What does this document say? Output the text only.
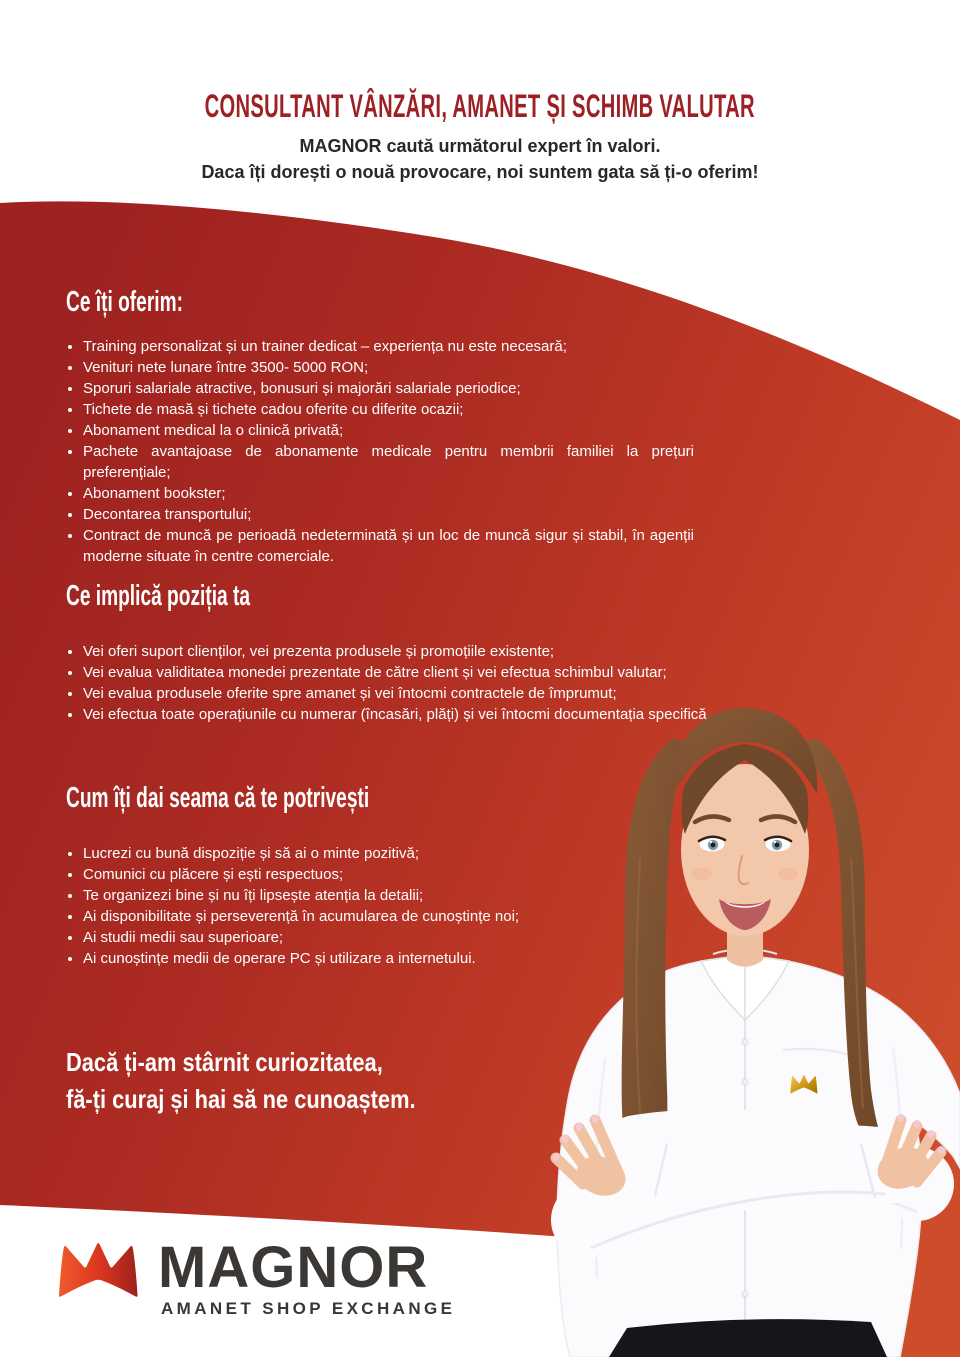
CONSULTANT VÂNZĂRI, AMANET ȘI SCHIMB VALUTAR

MAGNOR caută următorul expert în valori.

Daca îți dorești o nouă provocare, noi suntem gata să ți-o oferim!

Ce îți oferim:
Training personalizat și un trainer dedicat – experiența nu este necesară;
Venituri nete lunare între 3500- 5000 RON;
Sporuri salariale atractive, bonusuri și majorări salariale periodice;
Tichete de masă și tichete cadou oferite cu diferite ocazii;
Abonament medical la o clinică privată;
Pachete avantajoase de abonamente medicale pentru membrii familiei la prețuri preferențiale;
Abonament bookster;
Decontarea transportului;
Contract de muncă pe perioadă nedeterminată și un loc de muncă sigur și stabil, în agenții moderne situate în centre comerciale.
Ce implică poziția ta
Vei oferi suport clienților, vei prezenta produsele și promoțiile existente;
Vei evalua validitatea monedei prezentate de către client și vei efectua schimbul valutar;
Vei evalua produsele oferite spre amanet și vei întocmi contractele de împrumut;
Vei efectua toate operațiunile cu numerar (încasări, plăți) și vei întocmi documentația specifică.
Cum îți dai seama că te potrivești
Lucrezi cu bună dispoziție și să ai o minte pozitivă;
Comunici cu plăcere și ești respectuos;
Te organizezi bine și nu îți lipsește atenția la detalii;
Ai disponibilitate și perseverență în acumularea de cunoștințe noi;
Ai studii medii sau superioare;
Ai cunoștințe medii de operare PC și utilizare a internetului.

Dacă ți-am stârnit curiozitatea,

fă-ți curaj și hai să ne cunoaștem.

MAGNOR
AMANET SHOP EXCHANGE
